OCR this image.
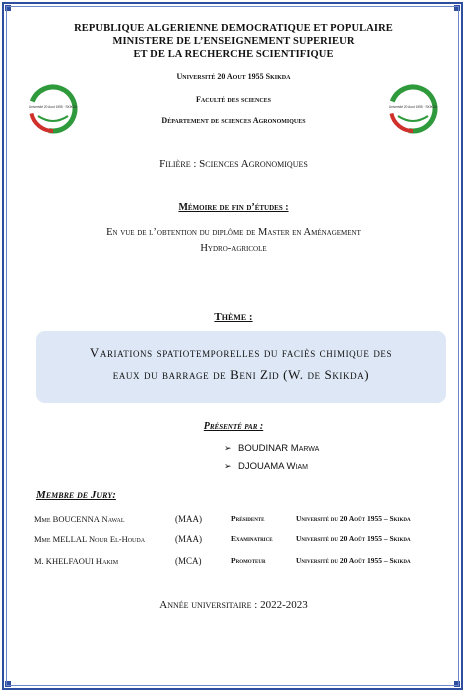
REPUBLIQUE ALGERIENNE DEMOCRATIQUE ET POPULAIRE
MINISTERE DE L’ENSEIGNEMENT SUPERIEUR
ET DE LA RECHERCHE SCIENTIFIQUE
Université 20 Aout 1955 Skikda
Faculté des sciences
Département de sciences Agronomiques
Université 20 Aout 1955 · SKIKDA	Université 20 Aout 1955 · SKIKDA
Filière : Sciences Agronomiques
Mémoire de fin d’études :
En vue de l’obtention du diplôme de Master en Aménagement
Hydro-agricole
Thème :
Variations spatiotemporelles du faciès chimique des
eaux du barrage de Beni Zid (W. de Skikda)
Présenté par :
➢ BOUDINAR Marwa
➢ DJOUAMA Wiam
Membre de Jury:
Mme BOUCENNA Nawal	(MAA)	Présidente	Université du 20 Août 1955 – Skikda
Mme MELLAL Nour El-Houda	(MAA)	Examinatrice	Université du 20 Août 1955 – Skikda
M. KHELFAOUI Hakim	(MCA)	Promoteur	Université du 20 Août 1955 – Skikda
Année universitaire : 2022-2023
